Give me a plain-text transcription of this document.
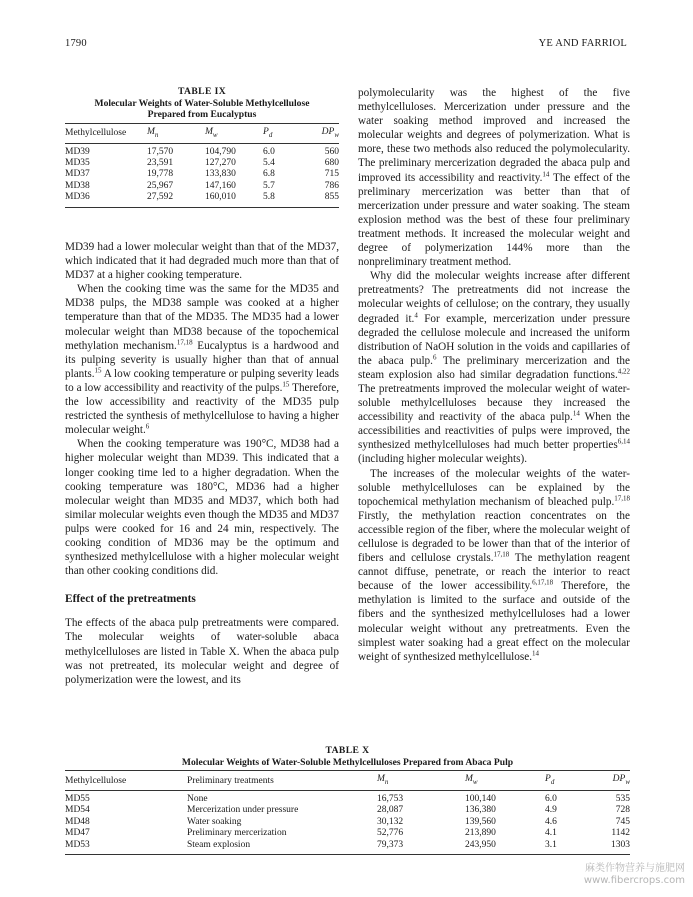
1790	YE AND FARRIOL
TABLE IX
Molecular Weights of Water-Soluble Methylcellulose
Prepared from Eucalyptus
Methylcellulose	$M_n$	$M_w$	$P_d$	$DP_w$
MD39	17,570	104,790	6.0	560
MD35	23,591	127,270	5.4	680
MD37	19,778	133,830	6.8	715
MD38	25,967	147,160	5.7	786
MD36	27,592	160,010	5.8	855

MD39 had a lower molecular weight than that of the MD37, which indicated that it had degraded much more than that of MD37 at a higher cooking temperature.

When the cooking time was the same for the MD35 and MD38 pulps, the MD38 sample was cooked at a higher temperature than that of the MD35. The MD35 had a lower molecular weight than MD38 because of the topochemical methylation mechanism.$^{17,18}$ Eucalyptus is a hardwood and its pulping severity is usually higher than that of annual plants.$^{15}$ A low cooking temperature or pulping severity leads to a low accessibility and reactivity of the pulps.$^{15}$ Therefore, the low accessibility and reactivity of the MD35 pulp restricted the synthesis of methylcellulose to having a higher molecular weight.$^6$

When the cooking temperature was 190°C, MD38 had a higher molecular weight than MD39. This indicated that a longer cooking time led to a higher degradation. When the cooking temperature was 180°C, MD36 had a higher molecular weight than MD35 and MD37, which both had similar molecular weights even though the MD35 and MD37 pulps were cooked for 16 and 24 min, respectively. The cooking condition of MD36 may be the optimum and synthesized methylcellulose with a higher molecular weight than other cooking conditions did.

Effect of the pretreatments

The effects of the abaca pulp pretreatments were compared. The molecular weights of water-soluble abaca methylcelluloses are listed in Table X. When the abaca pulp was not pretreated, its molecular weight and degree of polymerization were the lowest, and its

polymolecularity was the highest of the five methylcelluloses. Mercerization under pressure and the water soaking method improved and increased the molecular weights and degrees of polymerization. What is more, these two methods also reduced the polymolecularity. The preliminary mercerization degraded the abaca pulp and improved its accessibility and reactivity.$^{14}$ The effect of the preliminary mercerization was better than that of mercerization under pressure and water soaking. The steam explosion method was the best of these four preliminary treatment methods. It increased the molecular weight and degree of polymerization 144% more than the nonpreliminary treatment method.

Why did the molecular weights increase after different pretreatments? The pretreatments did not increase the molecular weights of cellulose; on the contrary, they usually degraded it.$^4$ For example, mercerization under pressure degraded the cellulose molecule and increased the uniform distribution of NaOH solution in the voids and capillaries of the abaca pulp.$^6$ The preliminary mercerization and the steam explosion also had similar degradation functions.$^{4,22}$ The pretreatments improved the molecular weight of water-soluble methylcelluloses because they increased the accessibility and reactivity of the abaca pulp.$^{14}$ When the accessibilities and reactivities of pulps were improved, the synthesized methylcelluloses had much better properties$^{6,14}$ (including higher molecular weights).

The increases of the molecular weights of the water-soluble methylcelluloses can be explained by the topochemical methylation mechanism of bleached pulp.$^{17,18}$ Firstly, the methylation reaction concentrates on the accessible region of the fiber, where the molecular weight of cellulose is degraded to be lower than that of the interior of fibers and cellulose crystals.$^{17,18}$ The methylation reagent cannot diffuse, penetrate, or reach the interior to react because of the lower accessibility.$^{6,17,18}$ Therefore, the methylation is limited to the surface and outside of the fibers and the synthesized methylcelluloses had a lower molecular weight without any pretreatments. Even the simplest water soaking had a great effect on the molecular weight of synthesized methylcellulose.$^{14}$

TABLE X
Molecular Weights of Water-Soluble Methylcelluloses Prepared from Abaca Pulp
Methylcellulose	Preliminary treatments	$M_n$	$M_w$	$P_d$	$DP_w$
MD55	None	16,753	100,140	6.0	535
MD54	Mercerization under pressure	28,087	136,380	4.9	728
MD48	Water soaking	30,132	139,560	4.6	745
MD47	Preliminary mercerization	52,776	213,890	4.1	1142
MD53	Steam explosion	79,373	243,950	3.1	1303
麻类作物营养与施肥网
www.fibercrops.com
